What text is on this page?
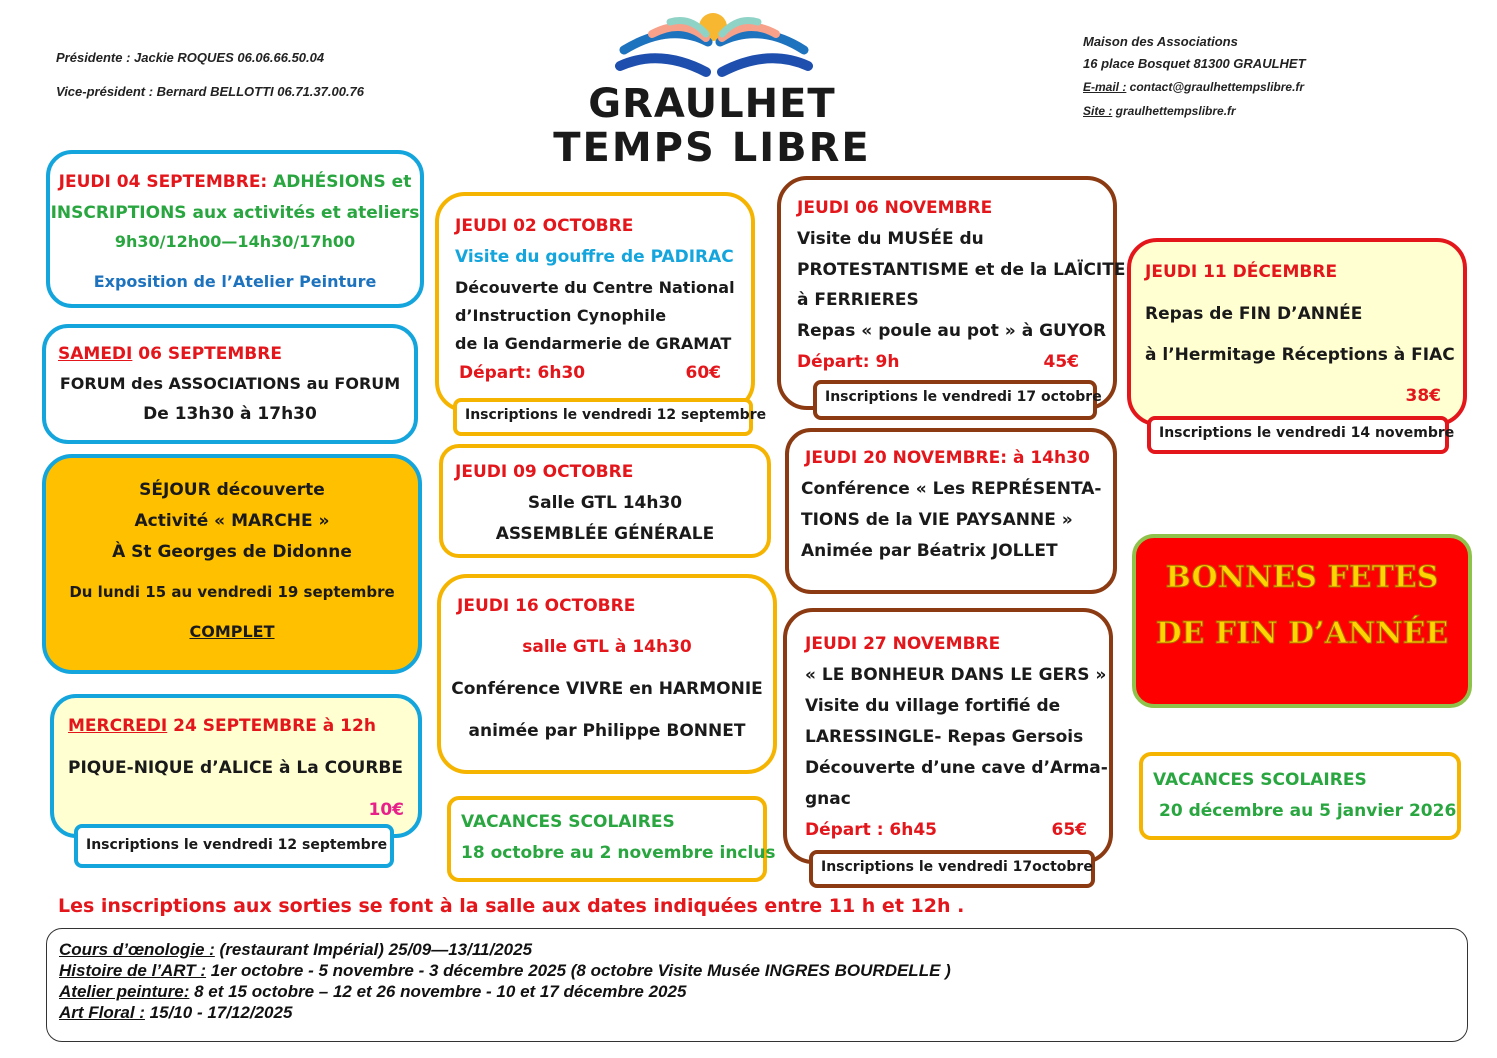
Présidente : Jackie ROQUES 06.06.66.50.04
Vice-président : Bernard BELLOTTI 06.71.37.00.76
Maison des Associations
16 place Bosquet 81300 GRAULHET
E-mail : contact@graulhettempslibre.fr
Site : graulhettempslibre.fr
GRAULHET
TEMPS LIBRE
JEUDI 04 SEPTEMBRE: ADHÉSIONS et
INSCRIPTIONS aux activités et ateliers
9h30/12h00—14h30/17h00
Exposition de l’Atelier Peinture
SAMEDI 06 SEPTEMBRE
FORUM des ASSOCIATIONS au FORUM
De 13h30 à 17h30
SÉJOUR découverte
Activité « MARCHE »
À St Georges de Didonne
Du lundi 15 au vendredi 19 septembre
COMPLET
MERCREDI 24 SEPTEMBRE à 12h
PIQUE-NIQUE d’ALICE à La COURBE
10€
Inscriptions le vendredi 12 septembre
JEUDI 02 OCTOBRE
Visite du gouffre de PADIRAC
Découverte du Centre National
d’Instruction Cynophile
de la Gendarmerie de GRAMAT
Départ: 6h30	60€
Inscriptions le vendredi 12 septembre
JEUDI 09 OCTOBRE
Salle GTL 14h30
ASSEMBLÉE GÉNÉRALE
JEUDI 16 OCTOBRE
salle GTL à 14h30
Conférence VIVRE en HARMONIE
animée par Philippe BONNET
VACANCES SCOLAIRES
18 octobre au 2 novembre inclus
JEUDI 06 NOVEMBRE
Visite du MUSÉE du
PROTESTANTISME et de la LAÏCITE
à FERRIERES
Repas « poule au pot » à GUYOR
Départ: 9h	45€
Inscriptions le vendredi 17 octobre
JEUDI 20 NOVEMBRE: à 14h30
Conférence « Les REPRÉSENTA-
TIONS de la VIE PAYSANNE »
Animée par Béatrix JOLLET
JEUDI 27 NOVEMBRE
« LE BONHEUR DANS LE GERS »
Visite du village fortifié de
LARESSINGLE- Repas Gersois
Découverte d’une cave d’Arma-
gnac
Départ : 6h45	65€
Inscriptions le vendredi 17octobre
JEUDI 11 DÉCEMBRE
Repas de FIN D’ANNÉE
à l’Hermitage Réceptions à FIAC
38€
Inscriptions le vendredi 14 novembre
BONNES FETES
DE FIN D’ANNÉE
VACANCES SCOLAIRES
20 décembre au 5 janvier 2026
Les inscriptions aux sorties se font à la salle aux dates indiquées entre 11 h et 12h .
Cours d’œnologie : (restaurant Impérial) 25/09—13/11/2025
Histoire de l’ART : 1er octobre - 5 novembre - 3 décembre 2025 (8 octobre Visite Musée INGRES BOURDELLE )
Atelier peinture: 8 et 15 octobre – 12 et 26 novembre - 10 et 17 décembre 2025
Art Floral : 15/10 - 17/12/2025
